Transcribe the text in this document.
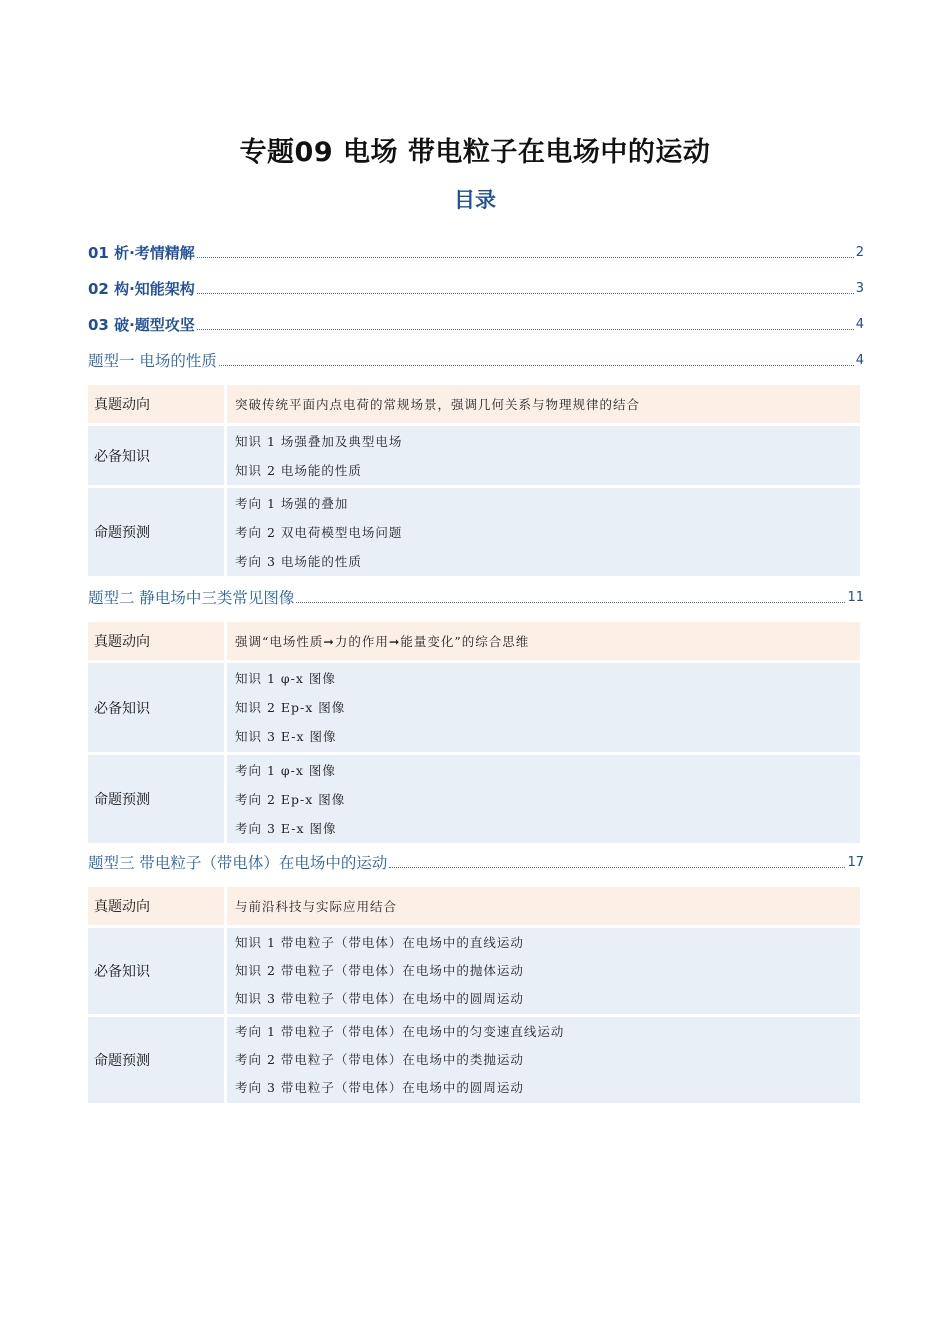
专题09 电场 带电粒子在电场中的运动
目录
01 析·考情精解	2
02 构·知能架构	3
03 破·题型攻坚	4
题型一 电场的性质	4
真题动向	突破传统平面内点电荷的常规场景，强调几何关系与物理规律的结合

必备知识	知识 1 场强叠加及典型电场
知识 2 电场能的性质

命题预测	考向 1 场强的叠加
考向 2 双电荷模型电场问题
考向 3 电场能的性质
题型二 静电场中三类常见图像	11
真题动向	强调“电场性质➞力的作用➞能量变化”的综合思维

必备知识	知识 1 φ-x 图像
知识 2 Ep-x 图像
知识 3 E-x 图像

命题预测	考向 1 φ-x 图像
考向 2 Ep-x 图像
考向 3 E-x 图像
题型三 带电粒子（带电体）在电场中的运动	17
真题动向	与前沿科技与实际应用结合

必备知识	知识 1 带电粒子（带电体）在电场中的直线运动
知识 2 带电粒子（带电体）在电场中的抛体运动
知识 3 带电粒子（带电体）在电场中的圆周运动

命题预测	考向 1 带电粒子（带电体）在电场中的匀变速直线运动
考向 2 带电粒子（带电体）在电场中的类抛运动
考向 3 带电粒子（带电体）在电场中的圆周运动
